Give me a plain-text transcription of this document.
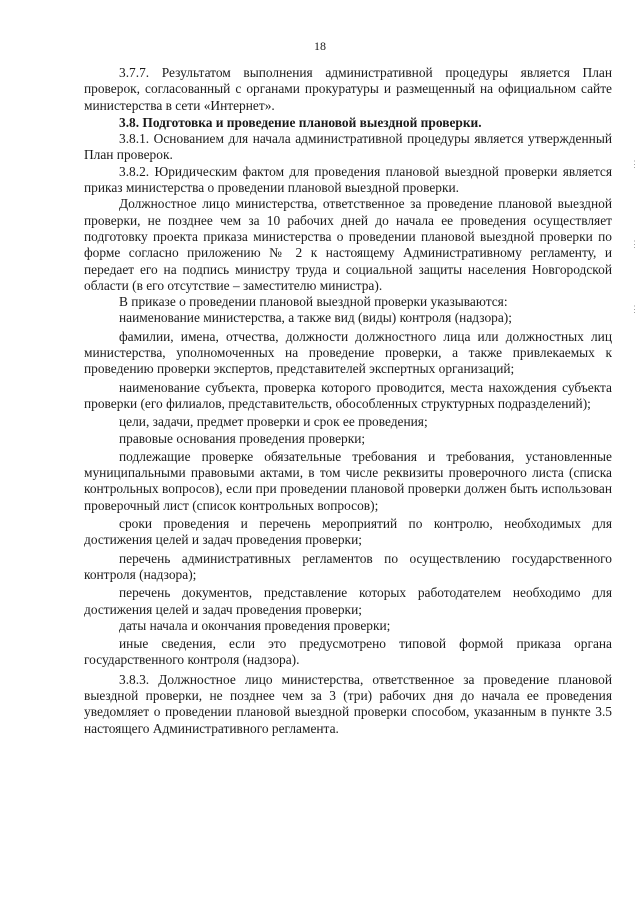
18

3.7.7. Результатом выполнения административной процедуры является План проверок, согласованный с органами прокуратуры и размещенный на официальном сайте министерства в сети «Интернет».

3.8. Подготовка и проведение плановой выездной проверки.

3.8.1. Основанием для начала административной процедуры является утвержденный План проверок.

3.8.2. Юридическим фактом для проведения плановой выездной проверки является приказ министерства о проведении плановой выездной проверки.

Должностное лицо министерства, ответственное за проведение плановой выездной проверки, не позднее чем за 10 рабочих дней до начала ее проведения осуществляет подготовку проекта приказа министерства о проведении плановой выездной проверки по форме согласно приложению № 2 к настоящему Административному регламенту, и передает его на подпись министру труда и социальной защиты населения Новгородской области (в его отсутствие – заместителю министра).

В приказе о проведении плановой выездной проверки указываются:

наименование министерства, а также вид (виды) контроля (надзора);

фамилии, имена, отчества, должности должностного лица или должностных лиц министерства, уполномоченных на проведение проверки, а также привлекаемых к проведению проверки экспертов, представителей экспертных организаций;

наименование субъекта, проверка которого проводится, места нахождения субъекта проверки (его филиалов, представительств, обособленных структурных подразделений);

цели, задачи, предмет проверки и срок ее проведения;

правовые основания проведения проверки;

подлежащие проверке обязательные требования и требования, установленные муниципальными правовыми актами, в том числе реквизиты проверочного листа (списка контрольных вопросов), если при проведении плановой проверки должен быть использован проверочный лист (список контрольных вопросов);

сроки проведения и перечень мероприятий по контролю, необходимых для достижения целей и задач проведения проверки;

перечень административных регламентов по осуществлению государственного контроля (надзора);

перечень документов, представление которых работодателем необходимо для достижения целей и задач проведения проверки;

даты начала и окончания проведения проверки;

иные сведения, если это предусмотрено типовой формой приказа органа государственного контроля (надзора).

3.8.3. Должностное лицо министерства, ответственное за проведение плановой выездной проверки, не позднее чем за 3 (три) рабочих дня до начала ее проведения уведомляет о проведении плановой выездной проверки способом, указанным в пункте 3.5 настоящего Административного регламента.

⋮
⋮
⋮
